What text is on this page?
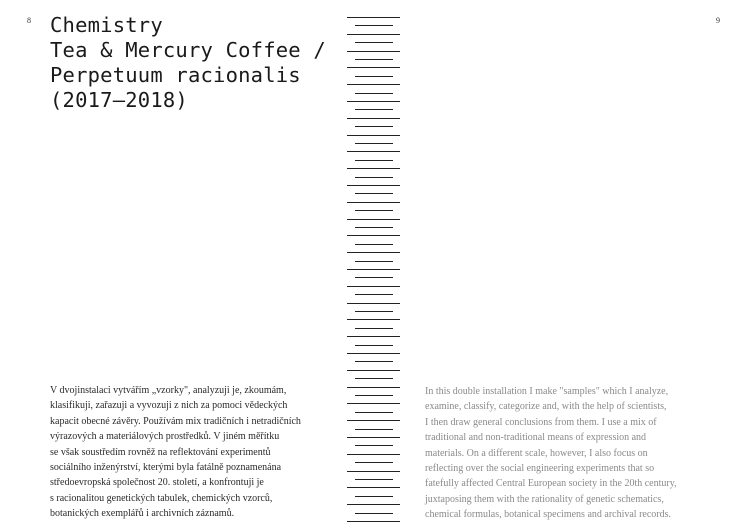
8	9
Chemistry
Tea & Mercury Coffee /
Perpetuum racionalis
(2017–2018)
V dvojinstalaci vytvářím „vzorky", analyzuji je, zkoumám,
klasifikuji, zařazuji a vyvozuji z nich za pomoci vědeckých
kapacit obecné závěry. Používám mix tradičních i netradičních
výrazových a materiálových prostředků. V jiném měřítku
se však soustředím rovněž na reflektování experimentů
sociálního inženýrství, kterými byla fatálně poznamenána
středoevropská společnost 20. století, a konfrontuji je
s racionalitou genetických tabulek, chemických vzorců,
botanických exemplářů i archivních záznamů.
In this double installation I make "samples" which I analyze,
examine, classify, categorize and, with the help of scientists,
I then draw general conclusions from them. I use a mix of
traditional and non-traditional means of expression and
materials. On a different scale, however, I also focus on
reflecting over the social engineering experiments that so
fatefully affected Central European society in the 20th century,
juxtaposing them with the rationality of genetic schematics,
chemical formulas, botanical specimens and archival records.
